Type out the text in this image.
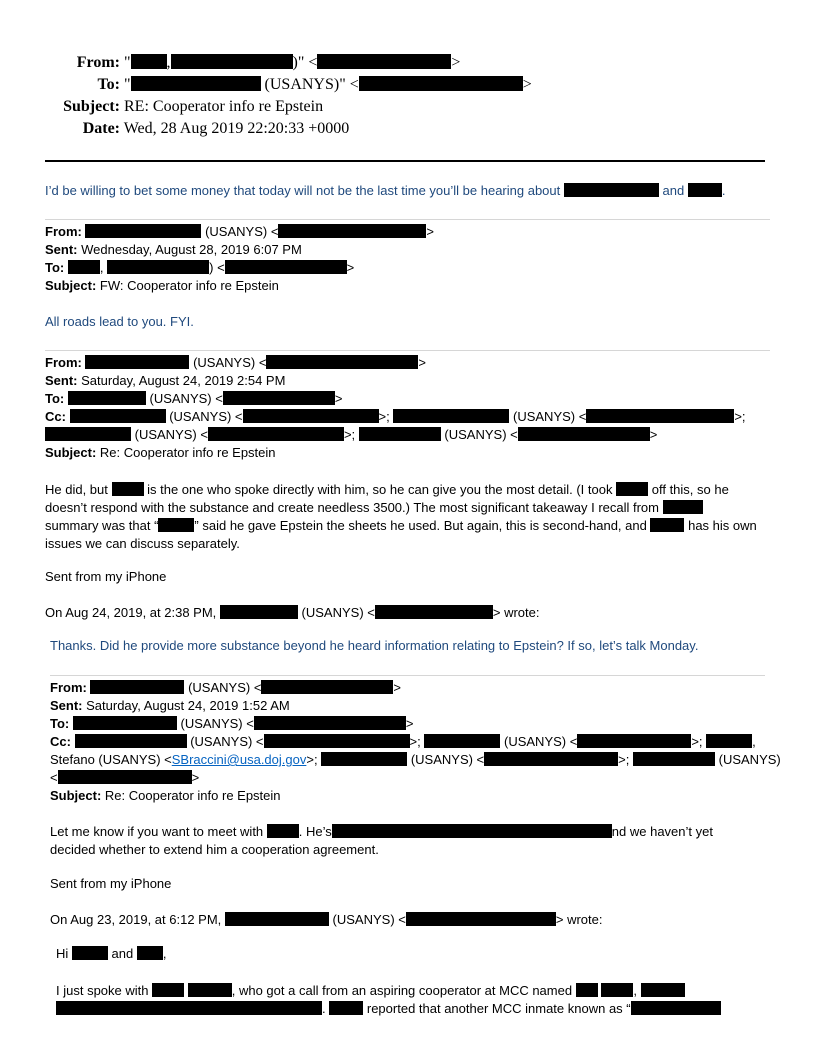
From: " ,	)" <	>
To: "	(USANYS)" <	>
Subject: RE: Cooperator info re Epstein
Date: Wed, 28 Aug 2019 22:20:33 +0000
I’d be willing to bet some money that today will not be the last time you’ll be hearing about	and	.
From:	(USANYS) <	>
Sent: Wednesday, August 28, 2019 6:07 PM
To:	,	) <	>
Subject: FW: Cooperator info re Epstein
All roads lead to you. FYI.
From:	(USANYS) <	>
Sent: Saturday, August 24, 2019 2:54 PM
To:	(USANYS) <	>
Cc:	(USANYS) <	>;	(USANYS) <	>;
(USANYS) <	>;	(USANYS) <	>
Subject: Re: Cooperator info re Epstein
He did, but	is the one who spoke directly with him, so he can give you the most detail. (I took	off this, so he
doesn’t respond with the substance and create needless 3500.) The most significant takeaway I recall from
summary was that “	” said he gave Epstein the sheets he used. But again, this is second-hand, and	has his own
issues we can discuss separately.
Sent from my iPhone
On Aug 24, 2019, at 2:38 PM,	(USANYS) <	> wrote:
Thanks. Did he provide more substance beyond he heard information relating to Epstein? If so, let’s talk Monday.
From:	(USANYS) <	>
Sent: Saturday, August 24, 2019 1:52 AM
To:	(USANYS) <	>
Cc:	(USANYS) <	>;	(USANYS) <	>;	,
Stefano (USANYS) <SBraccini@usa.doj.gov>;	(USANYS) <	>;	(USANYS)
<	>
Subject: Re: Cooperator info re Epstein
Let me know if you want to meet with	. He’s	nd we haven’t yet
decided whether to extend him a cooperation agreement.
Sent from my iPhone
On Aug 23, 2019, at 6:12 PM,	(USANYS) <	> wrote:
Hi	and ,
I just spoke with	, who got a call from an aspiring cooperator at MCC named	,
.	reported that another MCC inmate known as “
